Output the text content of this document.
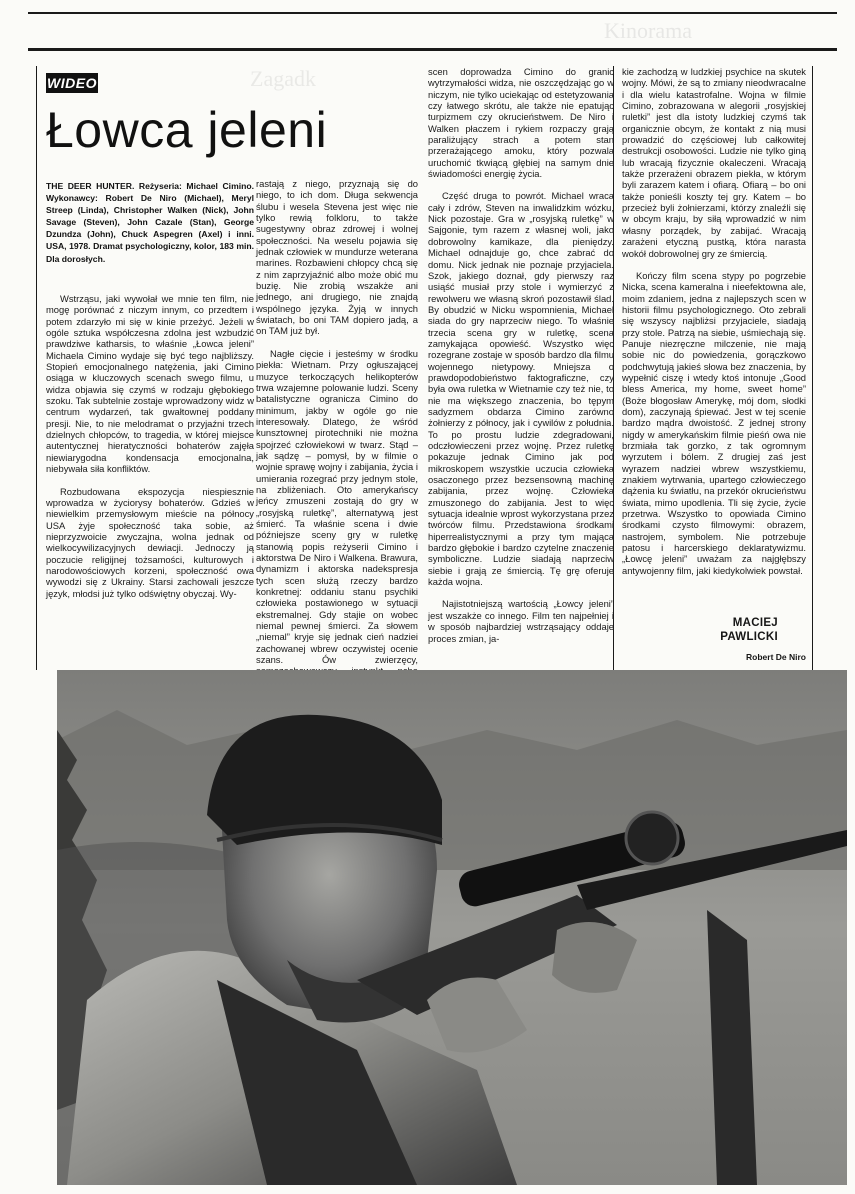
Kinorama
Zagadk
WIDEO
Łowca jeleni
THE DEER HUNTER. Reżyseria: Michael Cimino. Wykonawcy: Robert De Niro (Michael), Meryl Streep (Linda), Christopher Walken (Nick), John Savage (Steven), John Cazale (Stan), George Dzundza (John), Chuck Aspegren (Axel) i inni. USA, 1978. Dramat psychologiczny, kolor, 183 min. Dla dorosłych.

Wstrząsu, jaki wywołał we mnie ten film, nie mogę porównać z niczym innym, co przedtem i potem zdarzyło mi się w kinie przeżyć. Jeżeli w ogóle sztuka współczesna zdolna jest wzbudzić prawdziwe katharsis, to właśnie „Łowca jeleni” Michaela Cimino wydaje się być tego najbliższy. Stopień emocjonalnego natężenia, jaki Cimino osiąga w kluczowych scenach swego filmu, u widza objawia się czymś w rodzaju głębokiego szoku. Tak subtelnie zostaje wprowadzony widz w centrum wydarzeń, tak gwałtownej poddany presji. Nie, to nie melodramat o przyjaźni trzech dzielnych chłopców, to tragedia, w której miejsce autentycznej hieratyczności bohaterów zajęła niewiarygodna kondensacja emocjonalna, niebywała siła konfliktów.

Rozbudowana ekspozycja niespiesznie wprowadza w życiorysy bohaterów. Gdzieś w niewielkim przemysłowym mieście na północy USA żyje społeczność taka sobie, aż nieprzyzwoicie zwyczajna, wolna jednak od wielkocywilizacyjnych dewiacji. Jednoczy ją poczucie religijnej tożsamości, kulturowych i narodowościowych korzeni, społeczność owa wywodzi się z Ukrainy. Starsi zachowali jeszcze język, młodsi już tylko odświętny obyczaj. Wy-

rastają z niego, przyznają się do niego, to ich dom. Długa sekwencja ślubu i wesela Stevena jest więc nie tylko rewią folkloru, to także sugestywny obraz zdrowej i wolnej społeczności. Na weselu pojawia się jednak człowiek w mundurze weterana marines. Rozbawieni chłopcy chcą się z nim zaprzyjaźnić albo może obić mu buzię. Nie zrobią wszakże ani jednego, ani drugiego, nie znajdą wspólnego języka. Żyją w innych światach, bo oni TAM dopiero jadą, a on TAM już był.

Nagłe cięcie i jesteśmy w środku piekła: Wietnam. Przy ogłuszającej muzyce terkoczących helikopterów trwa wzajemne polowanie ludzi. Sceny batalistyczne ogranicza Cimino do minimum, jakby w ogóle go nie interesowały. Dlatego, że wśród kunsztownej pirotechniki nie można spojrzeć człowiekowi w twarz. Stąd – jak sądzę – pomysł, by w filmie o wojnie sprawę wojny i zabijania, życia i umierania rozegrać przy jednym stole, na zbliżeniach. Oto amerykańscy jeńcy zmuszeni zostają do gry w „rosyjską ruletkę”, alternatywą jest śmierć. Ta właśnie scena i dwie późniejsze sceny gry w ruletkę stanowią popis reżyserii Cimino i aktorstwa De Niro i Walkena. Brawura, dynamizm i aktorska nadekspresja tych scen służą rzeczy bardzo konkretnej: oddaniu stanu psychiki człowieka postawionego w sytuacji ekstremalnej. Gdy stajie on wobec niemal pewnej śmierci. Za słowem „niemal” kryje się jednak cień nadziei zachowanej wbrew oczywistej ocenie szans. Ów zwierzęcy,

scen doprowadza Cimino do granic wytrzymałości widza, nie oszczędzając go w niczym, nie tylko uciekając od estetyzowania czy łatwego skrótu, ale także nie epatując turpizmem czy okrucieństwem. De Niro i Walken płaczem i rykiem rozpaczy grają paraliżujący strach a potem stan przerażającego amoku, który pozwala uruchomić tkwiącą głębiej na samym dnie świadomości energię życia.

Część druga to powrót. Michael wraca cały i zdrów, Steven na inwalidzkim wózku, Nick pozostaje. Gra w „rosyjską ruletkę” w Sajgonie, tym razem z własnej woli, jako dobrowolny kamikaze, dla pieniędzy. Michael odnajduje go, chce zabrać do domu. Nick jednak nie poznaje przyjaciela. Szok, jakiego doznał, gdy pierwszy raz usiąść musiał przy stole i wymierzyć z rewolweru we własną skroń pozostawił ślad. By obudzić w Nicku wspomnienia, Michael siada do gry naprzeciw niego. To właśnie trzecia scena gry w ruletkę, scena zamykająca opowieść. Wszystko więc rozegrane zostaje w sposób bardzo dla filmu wojennego nietypowy. Mniejsza o prawdopodobieństwo faktograficzne, czy była owa ruletka w Wietnamie czy też nie, to nie ma większego znaczenia, bo tępym sadyzmem obdarza Cimino zarówno żołnierzy z północy, jak i cywilów z południa. To po prostu ludzie zdegradowani, odczłowieczeni przez wojnę. Przez ruletkę pokazuje jednak Cimino jak pod mikroskopem wszystkie uczucia człowieka osaczonego przez bezsensowną machinę zabijania, przez wojnę. Człowieka zmuszonego do zabijania. Jest to więc sytuacja idealnie wprost wykorzystana przez twórców filmu. Przedstawiona środkami hiperrealistycznymi a przy tym mająca bardzo głębokie i bardzo czytelne znaczenie symboliczne. Ludzie siadają naprzeciw siebie i grają ze śmiercią. Tę grę oferuje każda wojna.

Najistotniejszą wartością „Łowcy jeleni” jest wszakże co innego. Film ten najpełniej i w sposób najbardziej wstrząsający oddaje proces zmian, ja-

kie zachodzą w ludzkiej psychice na skutek wojny. Mówi, że są to zmiany nieodwracalne i dla wielu katastrofalne. Wojna w filmie Cimino, zobrazowana w alegorii „rosyjskiej ruletki” jest dla istoty ludzkiej czymś tak organicznie obcym, że kontakt z nią musi prowadzić do częściowej lub całkowitej destrukcji osobowości. Ludzie nie tylko giną lub wracają fizycznie okaleczeni. Wracają także przerażeni obrazem piekła, w którym byli zarazem katem i ofiarą. Ofiarą – bo oni także ponieśli koszty tej gry. Katem – bo przecież byli żołnierzami, którzy znaleźli się w obcym kraju, by siłą wprowadzić w nim własny porządek, by zabijać. Wracają zarażeni etyczną pustką, która narasta wokół dobrowolnej gry ze śmiercią.

Kończy film scena stypy po pogrzebie Nicka, scena kameralna i nieefektowna ale, moim zdaniem, jedna z najlepszych scen w historii filmu psychologicznego. Oto zebrali się wszyscy najbliżsi przyjaciele, siadają przy stole. Patrzą na siebie, uśmiechają się. Panuje niezręczne milczenie, nie mają sobie nic do powiedzenia, gorączkowo podchwytują jakieś słowa bez znaczenia, by wypełnić ciszę i wtedy ktoś intonuje „Good bless America, my home, sweet home” (Boże błogosław Amerykę, mój dom, słodki dom), zaczynają śpiewać. Jest w tej scenie bardzo mądra dwoistość. Z jednej strony nigdy w amerykańskim filmie pieśń owa nie brzmiała tak gorzko, z tak ogromnym wyrzutem i bólem. Z drugiej zaś jest wyrazem nadziei wbrew wszystkiemu, znakiem wytrwania, upartego człowieczego dążenia ku światłu, na przekór okrucieństwu świata, mimo upodlenia. Tli się życie, życie przetrwa. Wszystko to opowiada Cimino środkami czysto filmowymi: obrazem, nastrojem, symbolem. Nie potrzebuje patosu i harcerskiego deklaratywizmu. „Łowcę jeleni” uważam za najgłębszy antywojenny film, jaki kiedykolwiek powstał.

MACIEJ
PAWLICKI
Robert De Niro
